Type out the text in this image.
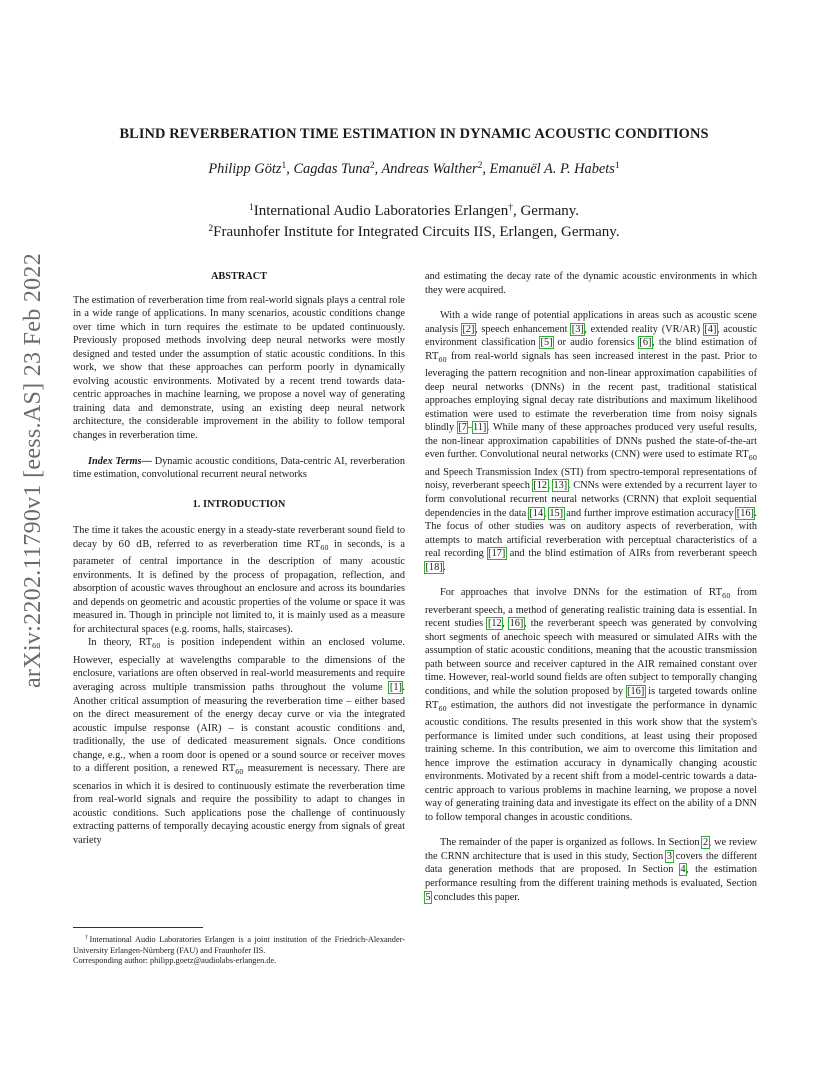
arXiv:2202.11790v1 [eess.AS] 23 Feb 2022
BLIND REVERBERATION TIME ESTIMATION IN DYNAMIC ACOUSTIC CONDITIONS
Philipp Götz$^1$, Cagdas Tuna$^2$, Andreas Walther$^2$, Emanuël A. P. Habets$^1$
$^1$International Audio Laboratories Erlangen†, Germany.
$^2$Fraunhofer Institute for Integrated Circuits IIS, Erlangen, Germany.
ABSTRACT

The estimation of reverberation time from real-world signals plays a central role in a wide range of applications. In many scenarios, acoustic conditions change over time which in turn requires the estimate to be updated continuously. Previously proposed methods involving deep neural networks were mostly designed and tested under the assumption of static acoustic conditions. In this work, we show that these approaches can perform poorly in dynamically evolving acoustic environments. Motivated by a recent trend towards data-centric approaches in machine learning, we propose a novel way of generating training data and demonstrate, using an existing deep neural network architecture, the considerable improvement in the ability to follow temporal changes in reverberation time.

Index Terms— Dynamic acoustic conditions, Data-centric AI, reverberation time estimation, convolutional recurrent neural networks

1. INTRODUCTION

The time it takes the acoustic energy in a steady-state reverberant sound field to decay by 60 dB, referred to as reverberation time $RT_{60}$ in seconds, is a parameter of central importance in the description of many acoustic environments. It is defined by the process of propagation, reflection, and absorption of acoustic waves throughout an enclosure and across its boundaries and depends on geometric and acoustic properties of the volume or space it was measured in. Though in principle not limited to, it is mainly used as a measure for architectural spaces (e.g. rooms, halls, staircases).

In theory, $RT_{60}$ is position independent within an enclosed volume. However, especially at wavelengths comparable to the dimensions of the enclosure, variations are often observed in real-world measurements and require averaging across multiple transmission paths throughout the volume [1]. Another critical assumption of measuring the reverberation time – either based on the direct measurement of the energy decay curve or via the integrated acoustic impulse response (AIR) – is constant acoustic conditions and, traditionally, the use of dedicated measurement signals. Once conditions change, e.g., when a room door is opened or a sound source or receiver moves to a different position, a renewed $RT_{60}$ measurement is necessary. There are scenarios in which it is desired to continuously estimate the reverberation time from real-world signals and require the possibility to adapt to changes in acoustic conditions. Such applications pose the challenge of continuously extracting patterns of temporally decaying acoustic energy from signals of great variety

†International Audio Laboratories Erlangen is a joint institution of the Friedrich-Alexander-University Erlangen-Nürnberg (FAU) and Fraunhofer IIS.

Corresponding author: philipp.goetz@audiolabs-erlangen.de.

and estimating the decay rate of the dynamic acoustic environments in which they were acquired.

With a wide range of potential applications in areas such as acoustic scene analysis [2], speech enhancement [3], extended reality (VR/AR) [4], acoustic environment classification [5] or audio forensics [6], the blind estimation of $RT_{60}$ from real-world signals has seen increased interest in the past. Prior to leveraging the pattern recognition and non-linear approximation capabilities of deep neural networks (DNNs) in the recent past, traditional statistical approaches employing signal decay rate distributions and maximum likelihood estimation were used to estimate the reverberation time from noisy signals blindly [7–11]. While many of these approaches produced very useful results, the non-linear approximation capabilities of DNNs pushed the state-of-the-art even further. Convolutional neural networks (CNN) were used to estimate $RT_{60}$ and Speech Transmission Index (STI) from spectro-temporal representations of noisy, reverberant speech [12, 13]. CNNs were extended by a recurrent layer to form convolutional recurrent neural networks (CRNN) that exploit sequential dependencies in the data [14, 15] and further improve estimation accuracy [16]. The focus of other studies was on auditory aspects of reverberation, with attempts to match artificial reverberation with perceptual characteristics of a real recording [17] and the blind estimation of AIRs from reverberant speech [18].

For approaches that involve DNNs for the estimation of $RT_{60}$ from reverberant speech, a method of generating realistic training data is essential. In recent studies [12, 16], the reverberant speech was generated by convolving short segments of anechoic speech with measured or simulated AIRs with the assumption of static acoustic conditions, meaning that the acoustic transmission path between source and receiver captured in the AIR remained constant over time. However, real-world sound fields are often subject to temporally changing conditions, and while the solution proposed by [16] is targeted towards online $RT_{60}$ estimation, the authors did not investigate the performance in dynamic acoustic conditions. The results presented in this work show that the system's performance is limited under such conditions, at least using their proposed training scheme. In this contribution, we aim to overcome this limitation and hence improve the estimation accuracy in dynamically changing acoustic environments. Motivated by a recent shift from a model-centric towards a data-centric approach to various problems in machine learning, we propose a novel way of generating training data and investigate its effect on the ability of a DNN to follow temporal changes in acoustic conditions.

The remainder of the paper is organized as follows. In Section 2, we review the CRNN architecture that is used in this study, Section 3 covers the different data generation methods that are proposed. In Section 4, the estimation performance resulting from the different training methods is evaluated, Section 5 concludes this paper.
